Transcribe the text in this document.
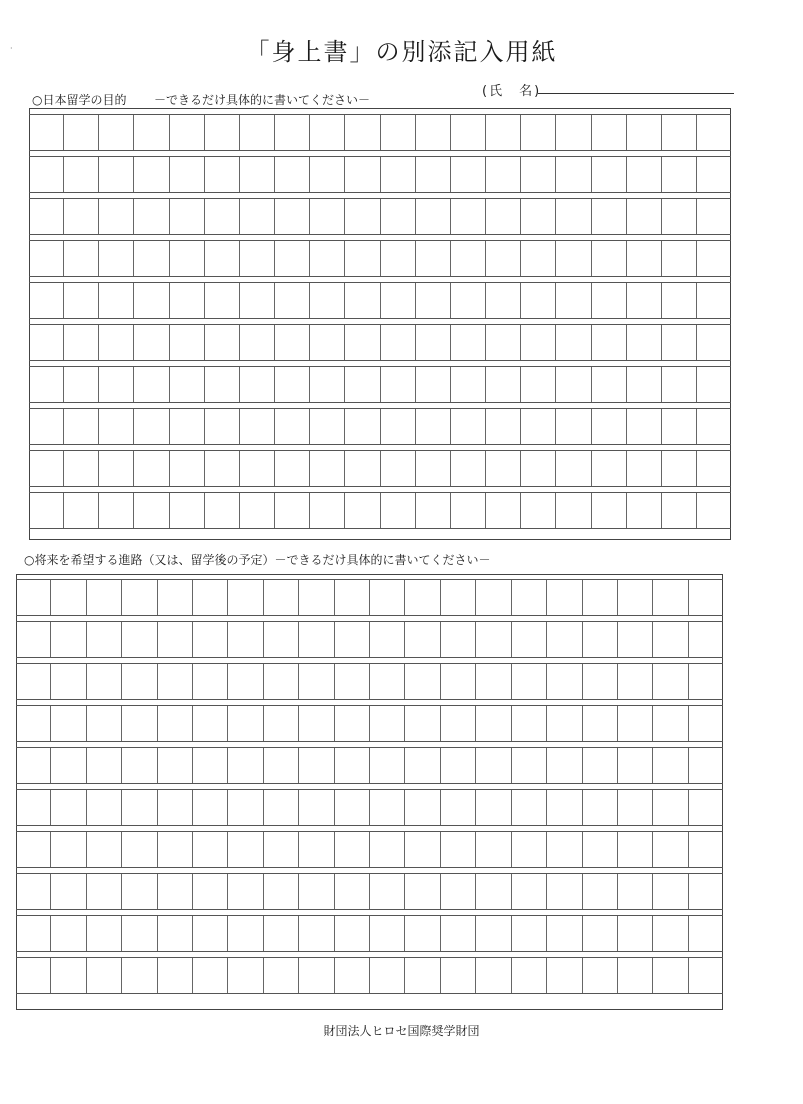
·	「身上書」の別添記入用紙
(氏　名)
○日本留学の目的 －できるだけ具体的に書いてください－
○将来を希望する進路（又は、留学後の予定）－できるだけ具体的に書いてください－
財団法人ヒロセ国際奨学財団
